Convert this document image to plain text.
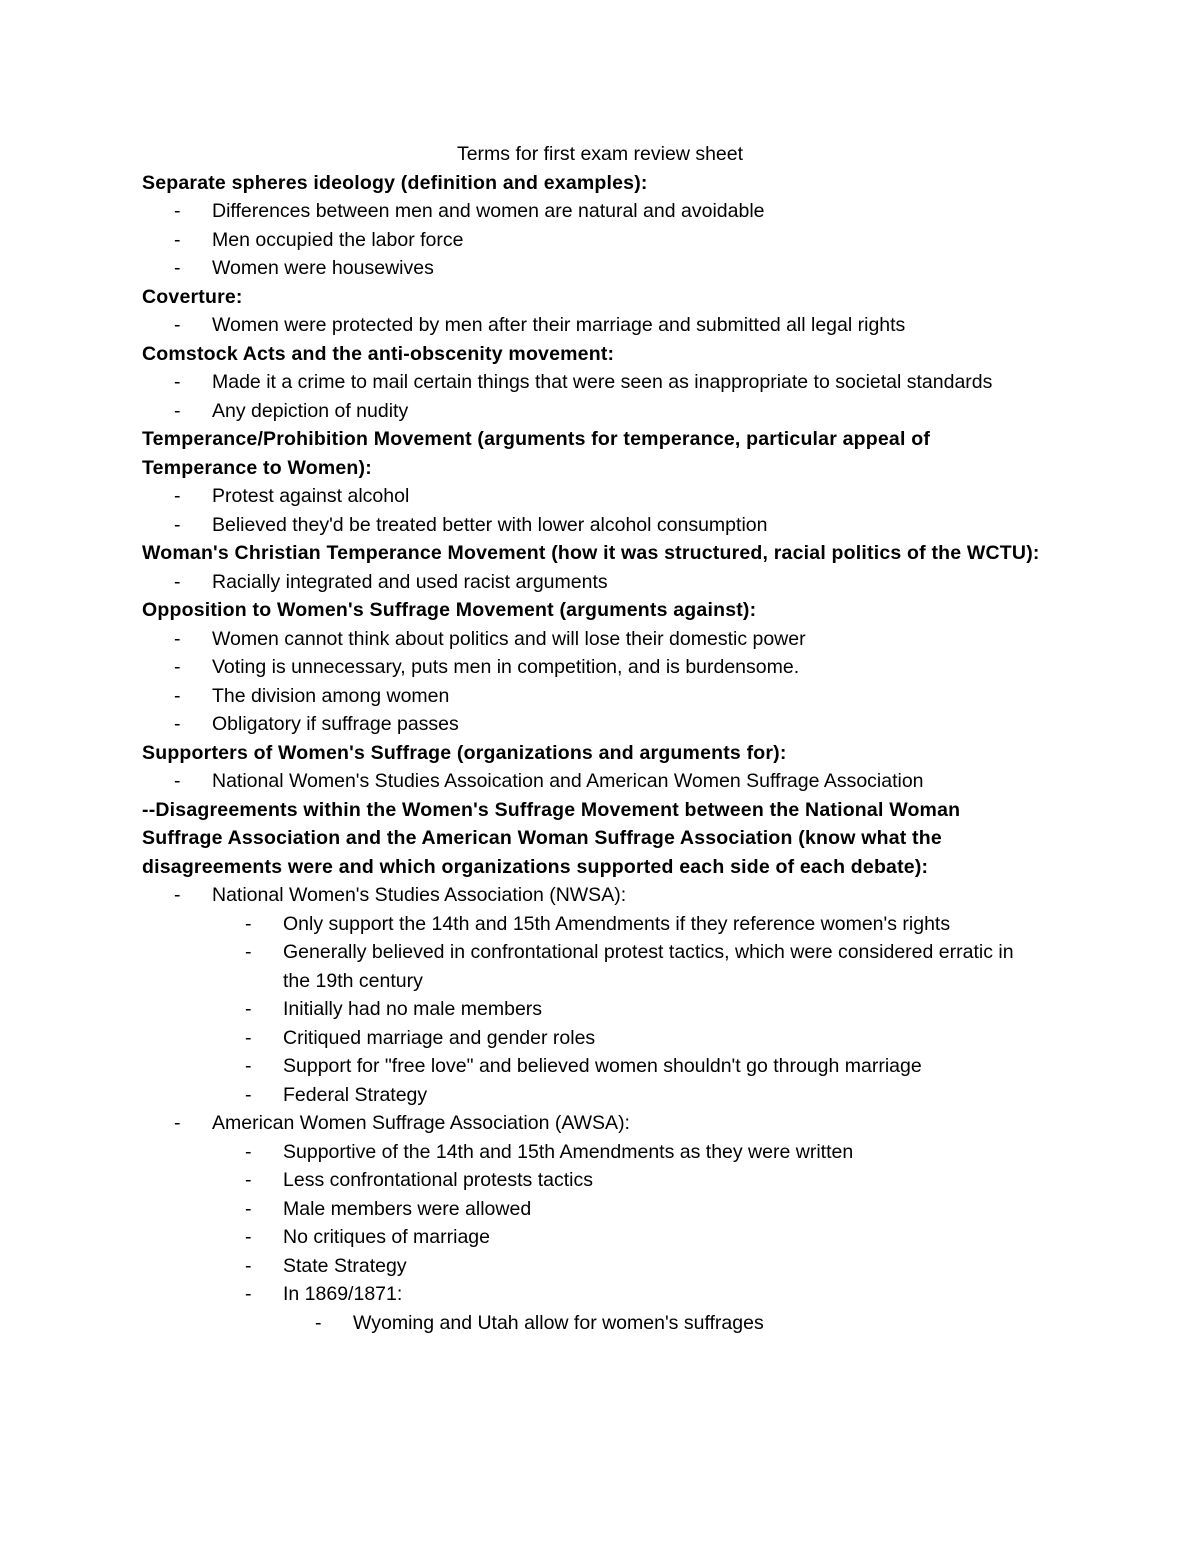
Terms for first exam review sheet
Separate spheres ideology (definition and examples):
- Differences between men and women are natural and avoidable
- Men occupied the labor force
- Women were housewives
Coverture:
- Women were protected by men after their marriage and submitted all legal rights
Comstock Acts and the anti-obscenity movement:
- Made it a crime to mail certain things that were seen as inappropriate to societal standards
- Any depiction of nudity
Temperance/Prohibition Movement (arguments for temperance, particular appeal of Temperance to Women):
- Protest against alcohol
- Believed they'd be treated better with lower alcohol consumption
Woman's Christian Temperance Movement (how it was structured, racial politics of the WCTU):
- Racially integrated and used racist arguments
Opposition to Women's Suffrage Movement (arguments against):
- Women cannot think about politics and will lose their domestic power
- Voting is unnecessary, puts men in competition, and is burdensome.
- The division among women
- Obligatory if suffrage passes
Supporters of Women's Suffrage (organizations and arguments for):
- National Women's Studies Assoication and American Women Suffrage Association
--Disagreements within the Women's Suffrage Movement between the National Woman Suffrage Association and the American Woman Suffrage Association (know what the disagreements were and which organizations supported each side of each debate):
- National Women's Studies Association (NWSA):
- Only support the 14th and 15th Amendments if they reference women's rights
- Generally believed in confrontational protest tactics, which were considered erratic in the 19th century
- Initially had no male members
- Critiqued marriage and gender roles
- Support for "free love" and believed women shouldn't go through marriage
- Federal Strategy
- American Women Suffrage Association (AWSA):
- Supportive of the 14th and 15th Amendments as they were written
- Less confrontational protests tactics
- Male members were allowed
- No critiques of marriage
- State Strategy
- In 1869/1871:
- Wyoming and Utah allow for women's suffrages
